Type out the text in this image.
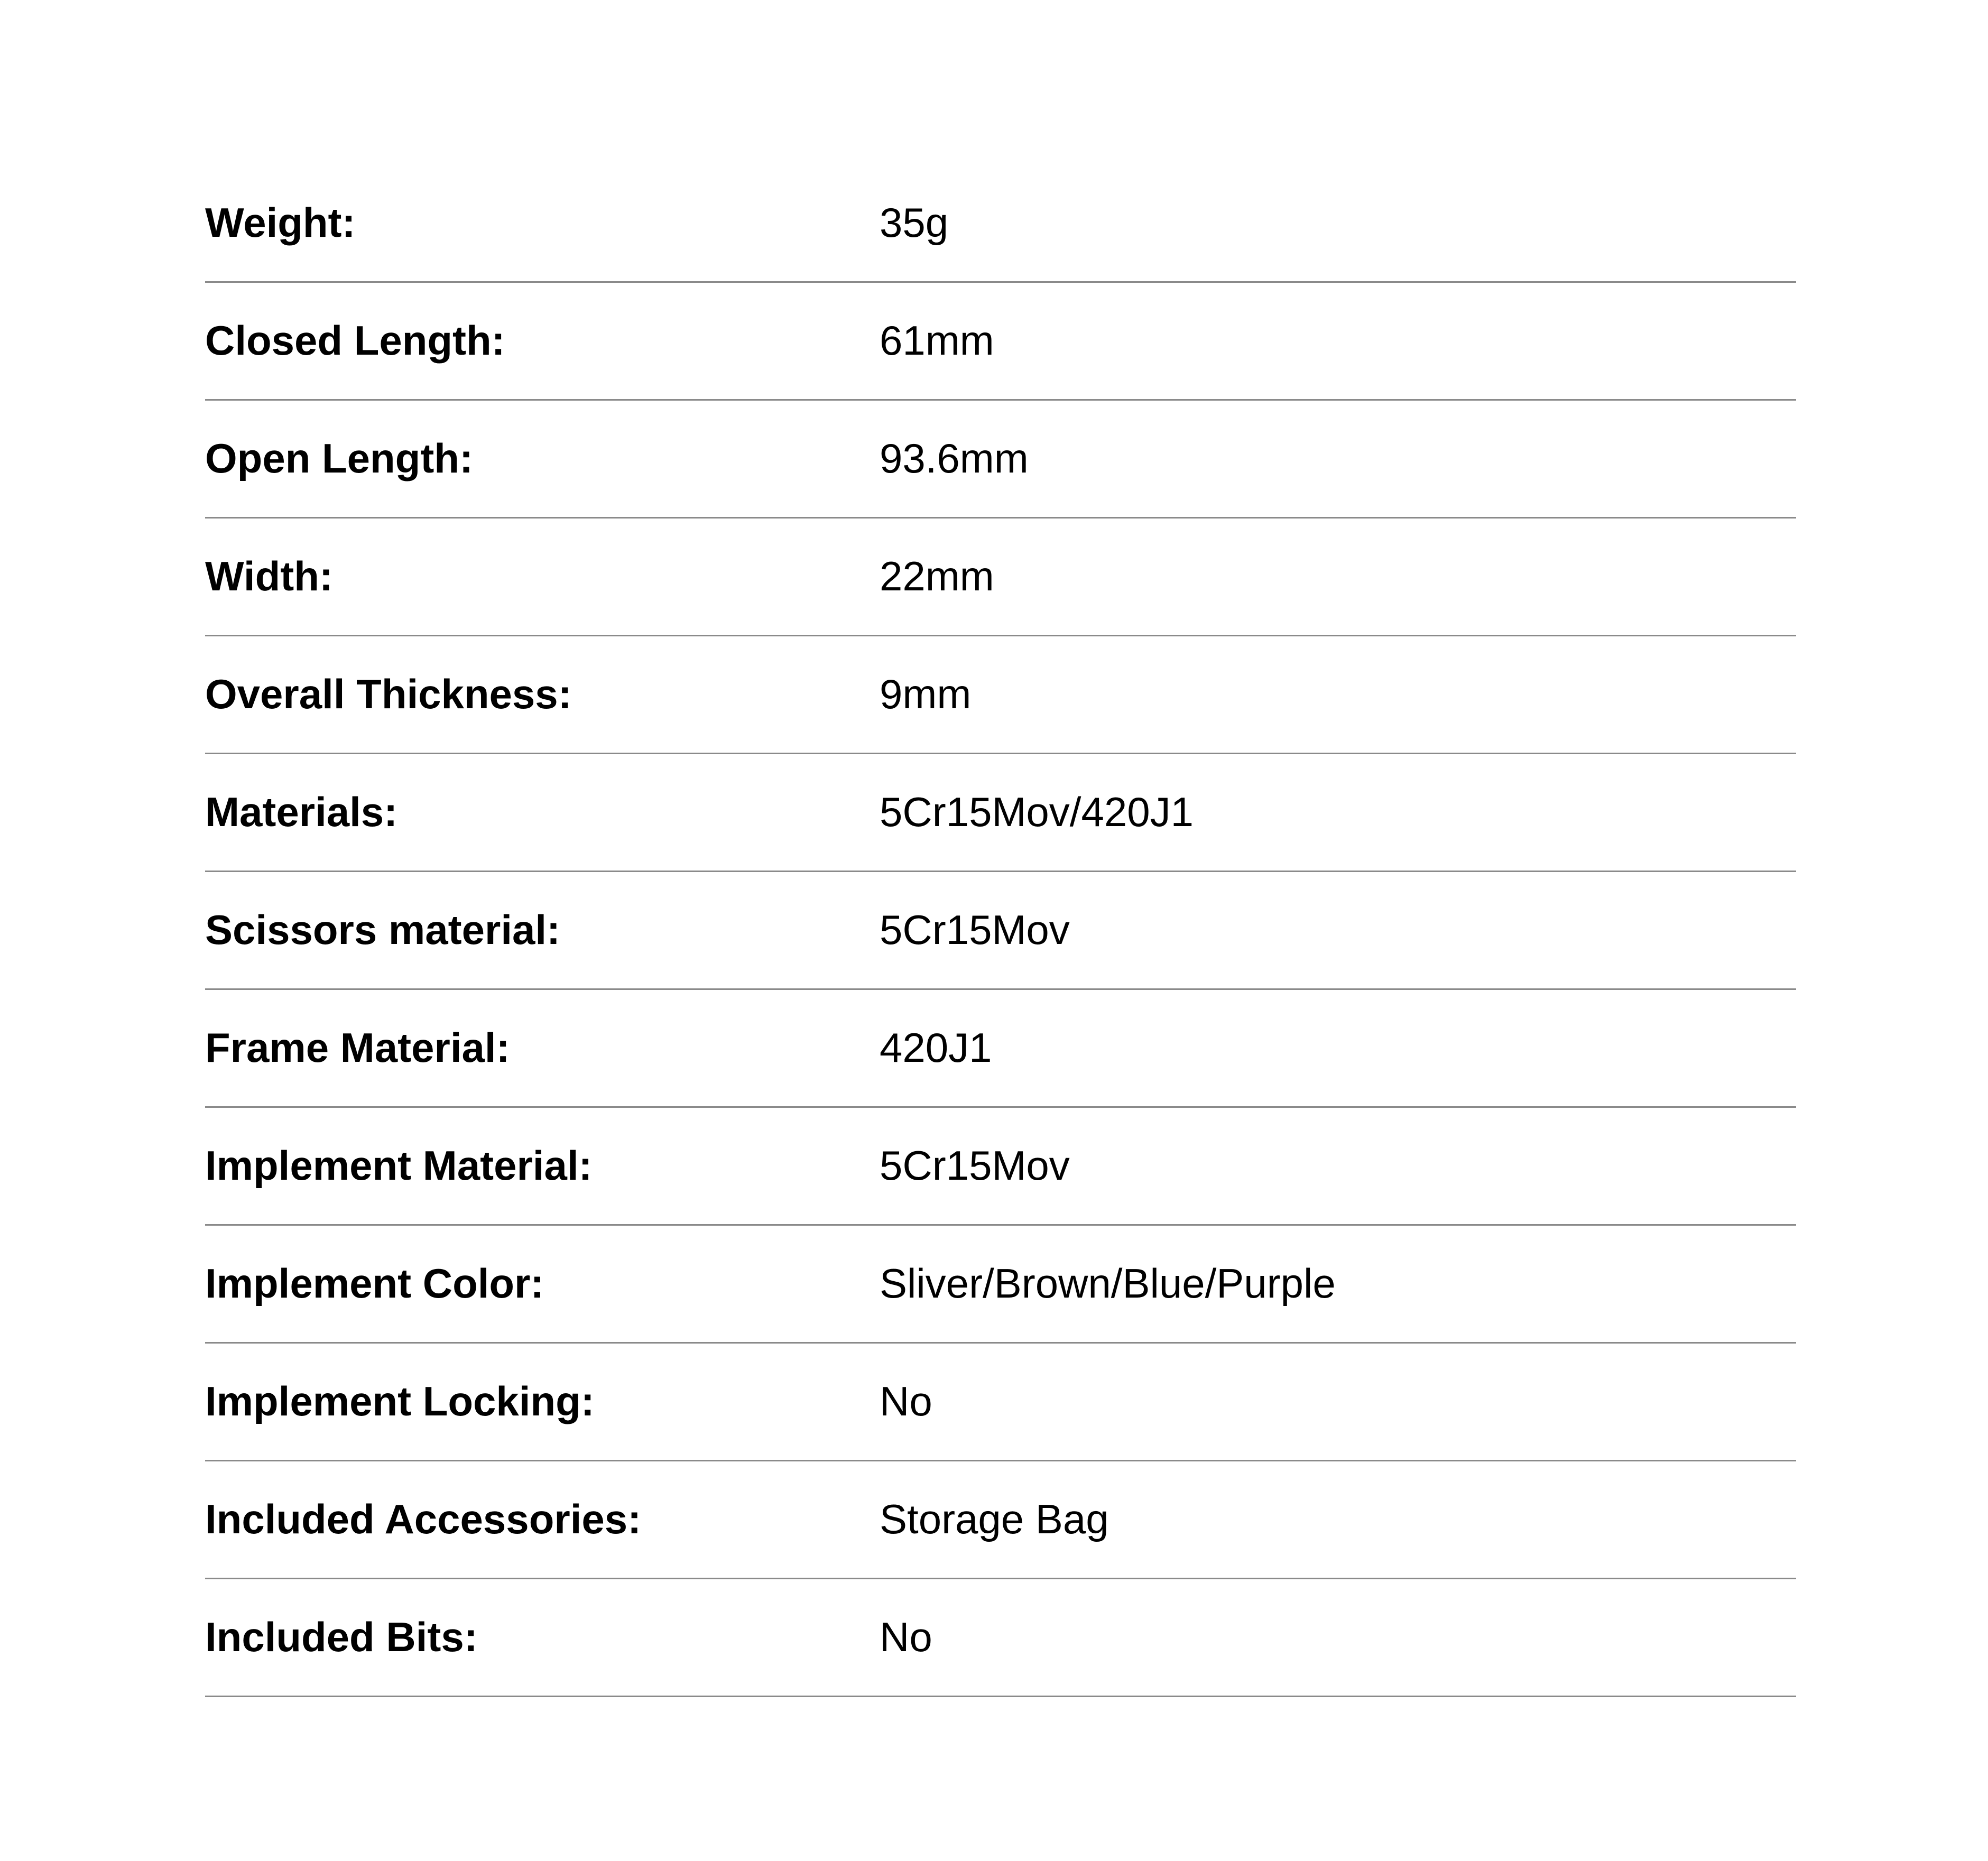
Weight:	35g
Closed Length:	61mm
Open Length:	93.6mm
Width:	22mm
Overall Thickness:	9mm
Materials:	5Cr15Mov/420J1
Scissors material:	5Cr15Mov
Frame Material:	420J1
Implement Material:	5Cr15Mov
Implement Color:	Sliver/Brown/Blue/Purple
Implement Locking:	No
Included Accessories:	Storage Bag
Included Bits:	No
